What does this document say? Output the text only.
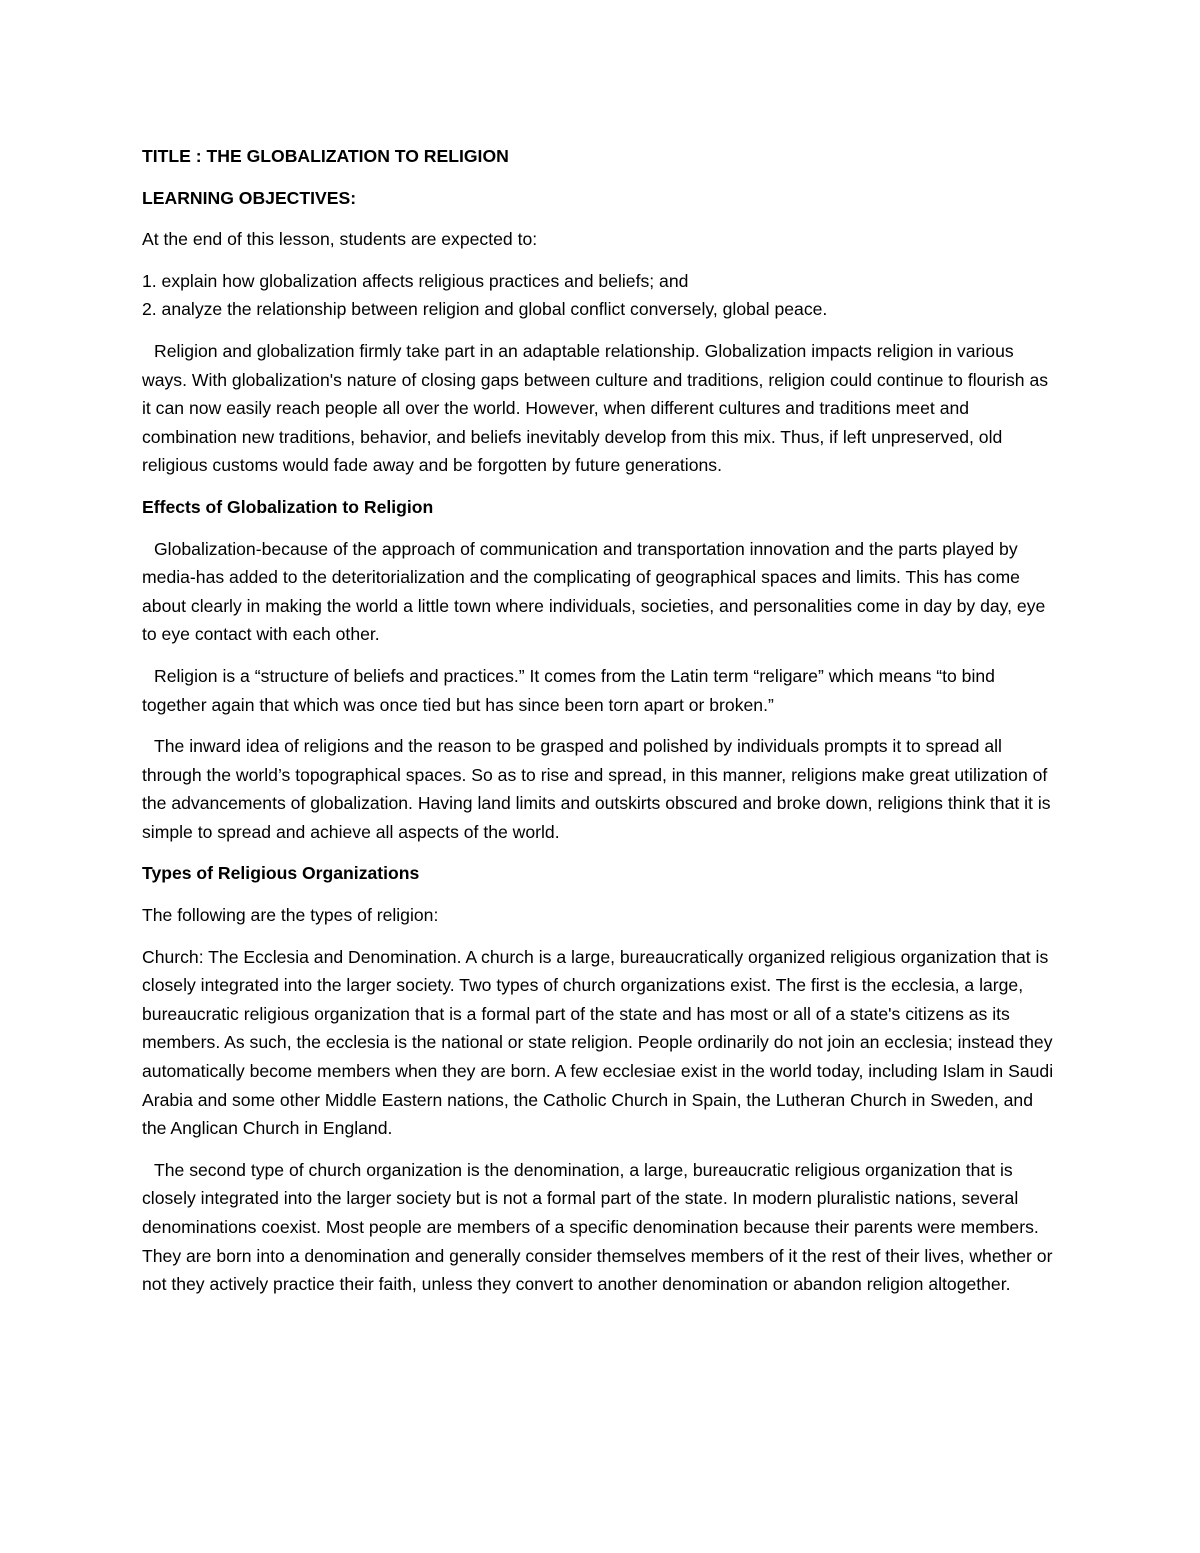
TITLE : THE GLOBALIZATION TO RELIGION
LEARNING OBJECTIVES:
At the end of this lesson, students are expected to:
1. explain how globalization affects religious practices and beliefs; and
2. analyze the relationship between religion and global conflict conversely, global peace.
Religion and globalization firmly take part in an adaptable relationship. Globalization impacts religion in various ways. With globalization's nature of closing gaps between culture and traditions, religion could continue to flourish as it can now easily reach people all over the world. However, when different cultures and traditions meet and combination new traditions, behavior, and beliefs inevitably develop from this mix. Thus, if left unpreserved, old religious customs would fade away and be forgotten by future generations.
Effects of Globalization to Religion
Globalization-because of the approach of communication and transportation innovation and the parts played by media-has added to the deteritorialization and the complicating of geographical spaces and limits. This has come about clearly in making the world a little town where individuals, societies, and personalities come in day by day, eye to eye contact with each other.
Religion is a “structure of beliefs and practices.” It comes from the Latin term “religare” which means “to bind together again that which was once tied but has since been torn apart or broken.”
The inward idea of religions and the reason to be grasped and polished by individuals prompts it to spread all through the world’s topographical spaces. So as to rise and spread, in this manner, religions make great utilization of the advancements of globalization. Having land limits and outskirts obscured and broke down, religions think that it is simple to spread and achieve all aspects of the world.
Types of Religious Organizations
The following are the types of religion:
Church: The Ecclesia and Denomination. A church is a large, bureaucratically organized religious organization that is closely integrated into the larger society. Two types of church organizations exist. The first is the ecclesia, a large, bureaucratic religious organization that is a formal part of the state and has most or all of a state's citizens as its members. As such, the ecclesia is the national or state religion. People ordinarily do not join an ecclesia; instead they automatically become members when they are born. A few ecclesiae exist in the world today, including Islam in Saudi Arabia and some other Middle Eastern nations, the Catholic Church in Spain, the Lutheran Church in Sweden, and the Anglican Church in England.
The second type of church organization is the denomination, a large, bureaucratic religious organization that is closely integrated into the larger society but is not a formal part of the state. In modern pluralistic nations, several denominations coexist. Most people are members of a specific denomination because their parents were members. They are born into a denomination and generally consider themselves members of it the rest of their lives, whether or not they actively practice their faith, unless they convert to another denomination or abandon religion altogether.
